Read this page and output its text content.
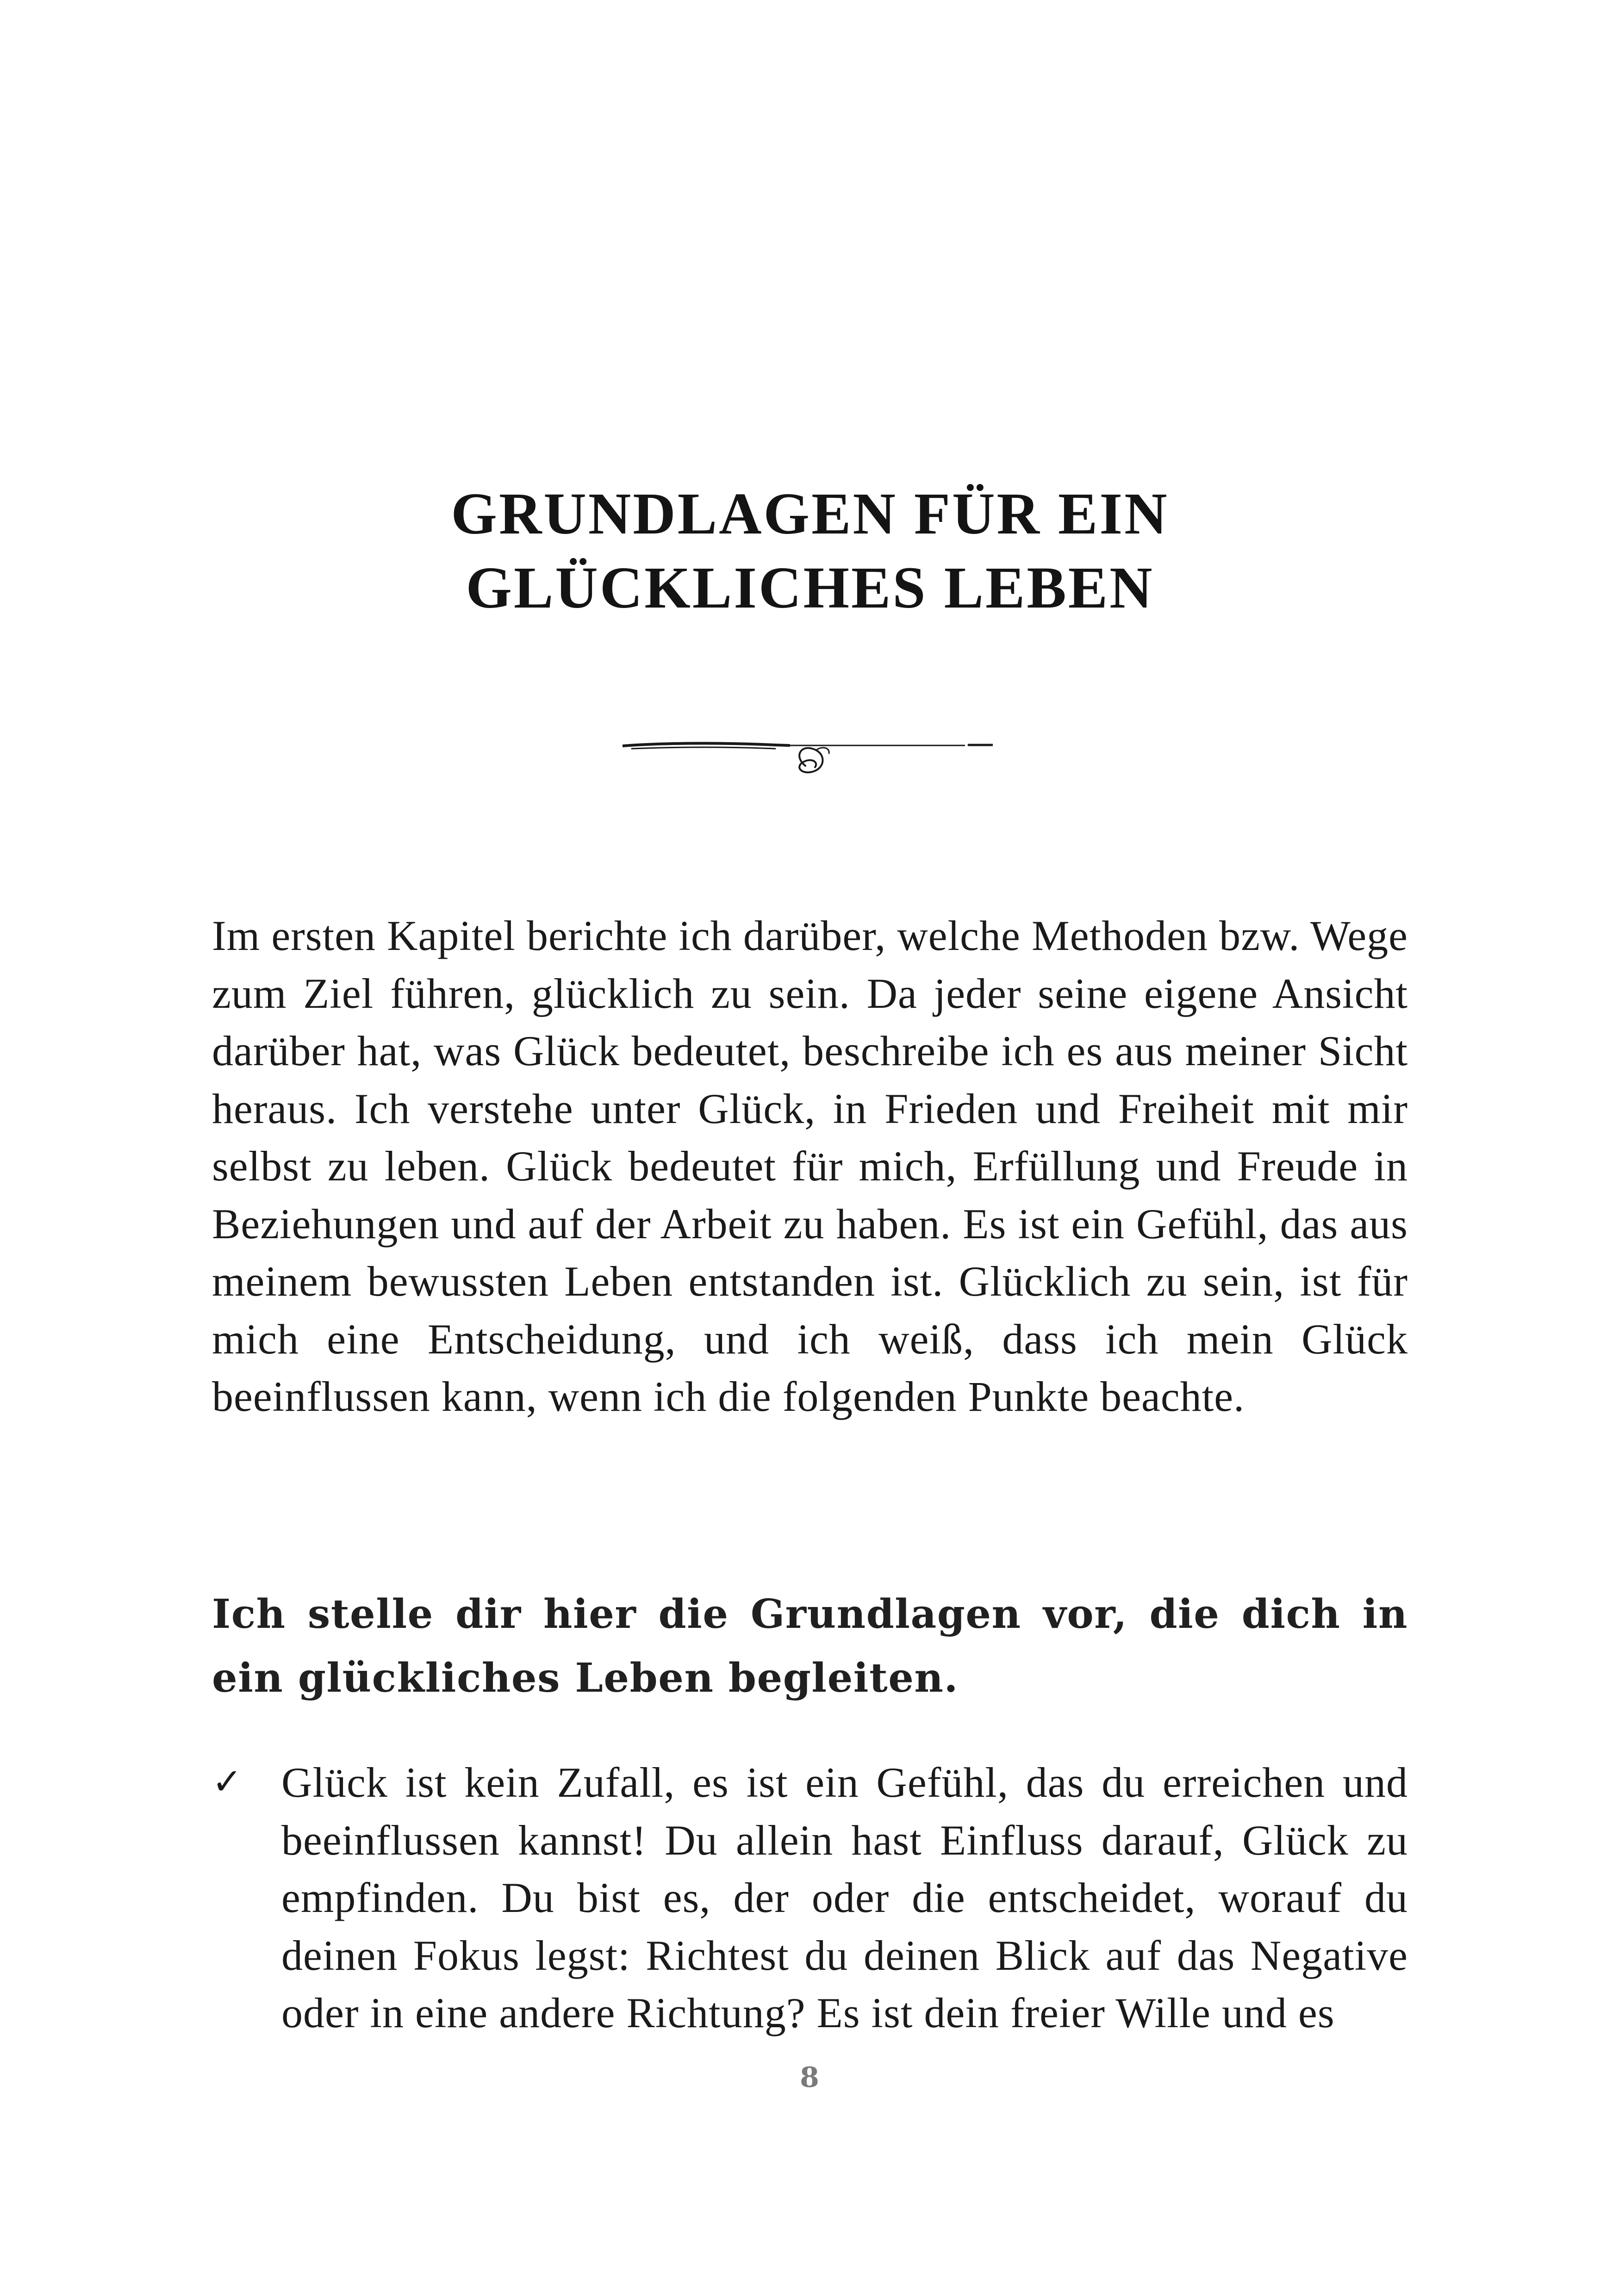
GRUNDLAGEN FÜR EIN
GLÜCKLICHES LEBEN

Im ersten Kapitel berichte ich darüber, welche Methoden bzw. Wege zum Ziel führen, glücklich zu sein. Da jeder seine eigene Ansicht darüber hat, was Glück bedeutet, beschreibe ich es aus meiner Sicht heraus. Ich verstehe unter Glück, in Frieden und Freiheit mit mir selbst zu leben. Glück bedeutet für mich, Erfüllung und Freude in Beziehungen und auf der Arbeit zu haben. Es ist ein Gefühl, das aus meinem bewussten Leben entstanden ist. Glücklich zu sein, ist für mich eine Entscheidung, und ich weiß, dass ich mein Glück beeinflussen kann, wenn ich die folgenden Punkte beachte.

Ich stelle dir hier die Grundlagen vor, die dich in ein glückliches Leben begleiten.

✓ Glück ist kein Zufall, es ist ein Gefühl, das du erreichen und beeinflussen kannst! Du allein hast Einfluss darauf, Glück zu empfinden. Du bist es, der oder die entscheidet, worauf du deinen Fokus legst: Richtest du deinen Blick auf das Negative oder in eine andere Richtung? Es ist dein freier Wille und es
8
